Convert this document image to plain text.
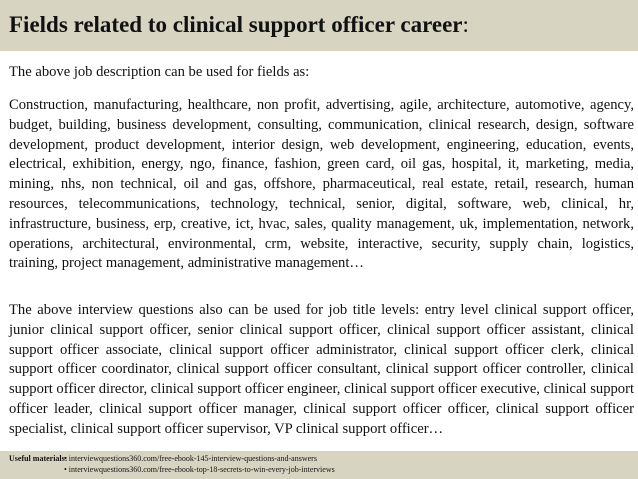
Fields related to clinical support officer career:

The above job description can be used for fields as:

Construction, manufacturing, healthcare, non profit, advertising, agile, architecture, automotive, agency, budget, building, business development, consulting, communication, clinical research, design, software development, product development, interior design, web development, engineering, education, events, electrical, exhibition, energy, ngo, finance, fashion, green card, oil gas, hospital, it, marketing, media, mining, nhs, non technical, oil and gas, offshore, pharmaceutical, real estate, retail, research, human resources, telecommunications, technology, technical, senior, digital, software, web, clinical, hr, infrastructure, business, erp, creative, ict, hvac, sales, quality management, uk, implementation, network, operations, architectural, environmental, crm, website, interactive, security, supply chain, logistics, training, project management, administrative management…

The above interview questions also can be used for job title levels: entry level clinical support officer, junior clinical support officer, senior clinical support officer, clinical support officer assistant, clinical support officer associate, clinical support officer administrator, clinical support officer clerk, clinical support officer coordinator, clinical support officer consultant, clinical support officer controller, clinical support officer director, clinical support officer engineer, clinical support officer executive, clinical support officer leader, clinical support officer manager, clinical support officer officer, clinical support officer specialist, clinical support officer supervisor, VP clinical support officer…

Useful materials:
• interviewquestions360.com/free-ebook-145-interview-questions-and-answers
• interviewquestions360.com/free-ebook-top-18-secrets-to-win-every-job-interviews
